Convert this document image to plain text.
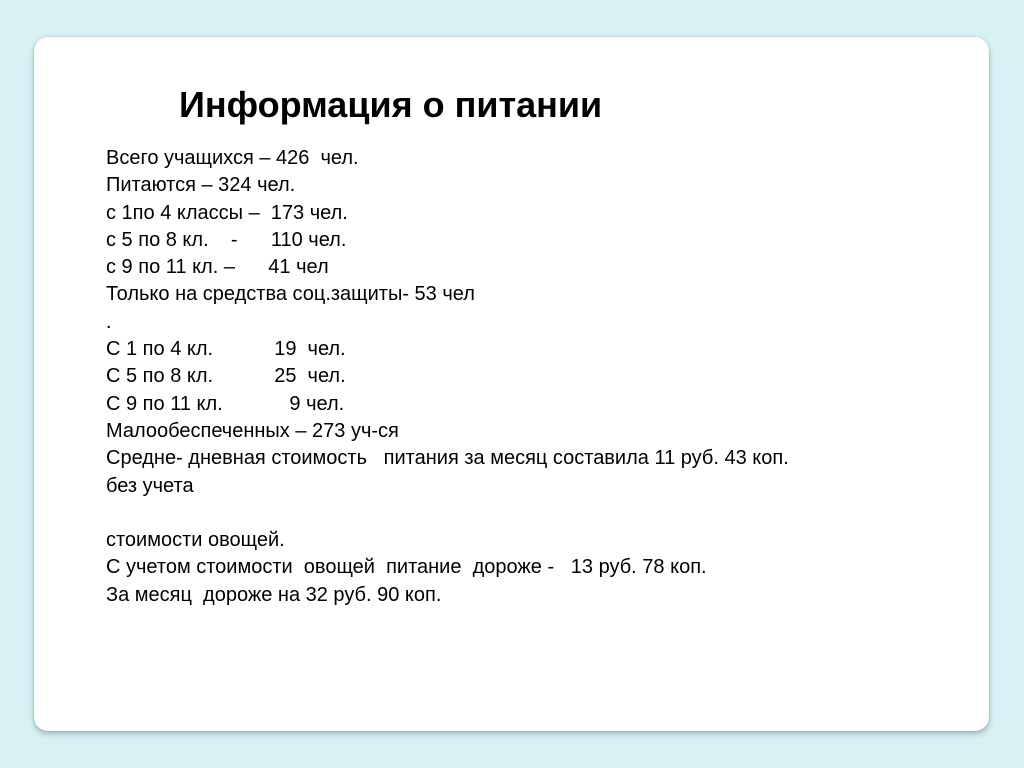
Информация о питании
Всего учащихся – 426  чел.
Питаются – 324 чел.
с 1по 4 классы –  173 чел.
с 5 по 8 кл.    -      110 чел.
с 9 по 11 кл. –      41 чел
Только на средства соц.защиты- 53 чел
.
С 1 по 4 кл.           19  чел.
С 5 по 8 кл.           25  чел.
С 9 по 11 кл.            9 чел.
Малообеспеченных – 273 уч-ся
Средне- дневная стоимость   питания за месяц составила 11 руб. 43 коп.
без учета
стоимости овощей.
С учетом стоимости  овощей  питание  дороже -   13 руб. 78 коп.
За месяц  дороже на 32 руб. 90 коп.
